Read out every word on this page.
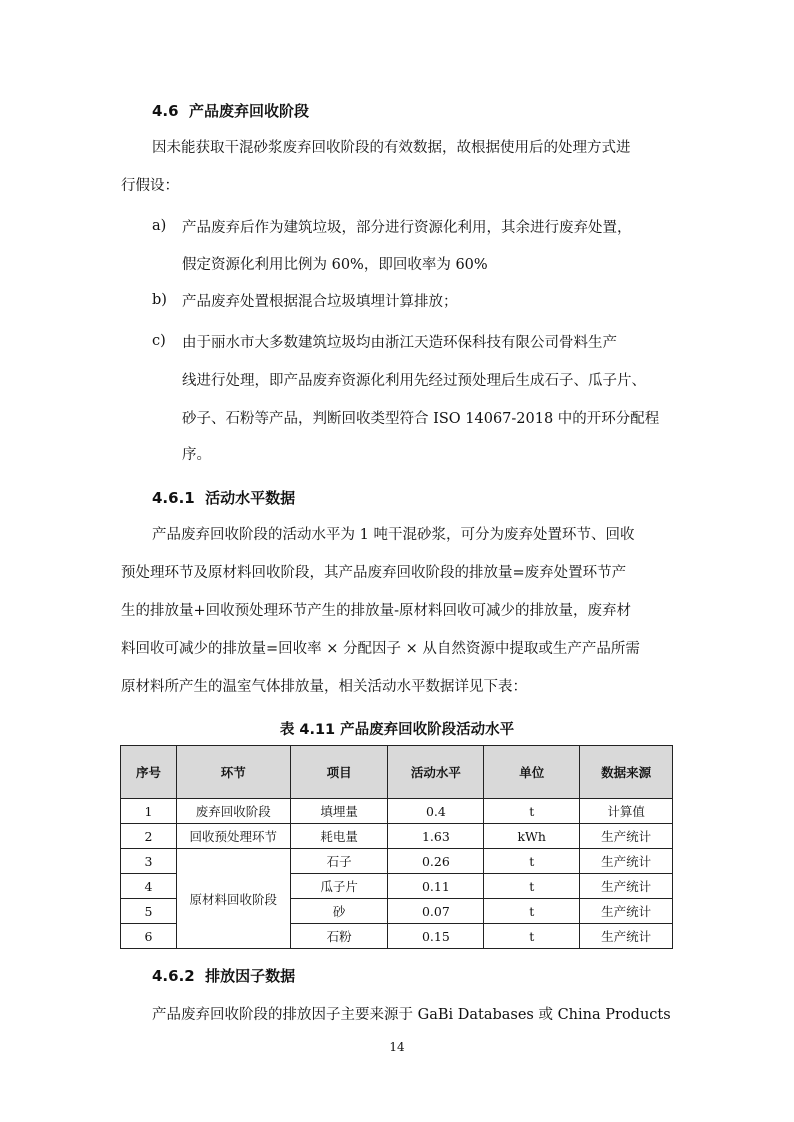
4.6 产品废弃回收阶段
因未能获取干混砂浆废弃回收阶段的有效数据，故根据使用后的处理方式进
行假设：
a) 产品废弃后作为建筑垃圾，部分进行资源化利用，其余进行废弃处置，
假定资源化利用比例为 60%，即回收率为 60%
b) 产品废弃处置根据混合垃圾填埋计算排放；
c) 由于丽水市大多数建筑垃圾均由浙江天造环保科技有限公司骨料生产
线进行处理，即产品废弃资源化利用先经过预处理后生成石子、瓜子片、
砂子、石粉等产品，判断回收类型符合 ISO 14067-2018 中的开环分配程
序。
4.6.1 活动水平数据
产品废弃回收阶段的活动水平为 1 吨干混砂浆，可分为废弃处置环节、回收
预处理环节及原材料回收阶段，其产品废弃回收阶段的排放量=废弃处置环节产
生的排放量+回收预处理环节产生的排放量-原材料回收可减少的排放量，废弃材
料回收可减少的排放量=回收率 × 分配因子 × 从自然资源中提取或生产产品所需
原材料所产生的温室气体排放量，相关活动水平数据详见下表：
表 4.11 产品废弃回收阶段活动水平
序号	环节	项目	活动水平	单位	数据来源
1	废弃回收阶段	填埋量	0.4	t	计算值
2	回收预处理环节	耗电量	1.63	kWh	生产统计
3	原材料回收阶段	石子	0.26	t	生产统计
4		瓜子片	0.11	t	生产统计
5		砂	0.07	t	生产统计
6		石粉	0.15	t	生产统计
4.6.2 排放因子数据
产品废弃回收阶段的排放因子主要来源于 GaBi Databases 或 China Products
14
